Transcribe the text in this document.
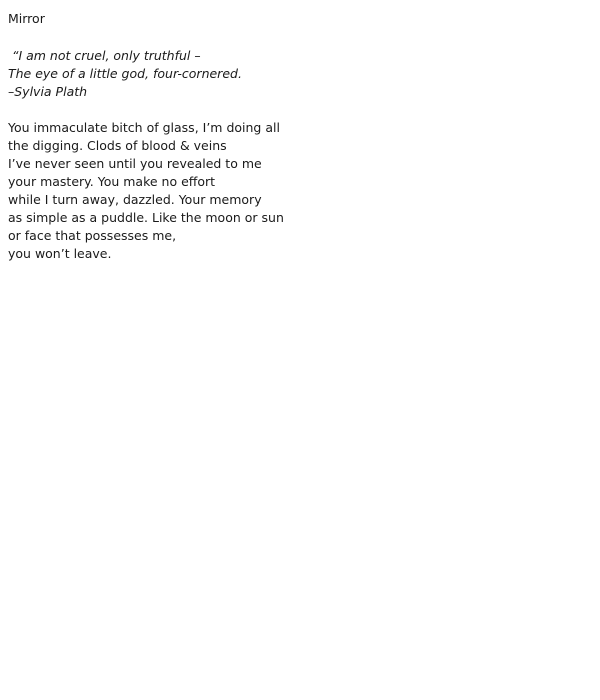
Mirror
“I am not cruel, only truthful –
The eye of a little god, four-cornered.
–Sylvia Plath
You immaculate bitch of glass, I’m doing all
the digging. Clods of blood & veins
I’ve never seen until you revealed to me
your mastery. You make no effort
while I turn away, dazzled. Your memory
as simple as a puddle. Like the moon or sun
or face that possesses me,
you won’t leave.
